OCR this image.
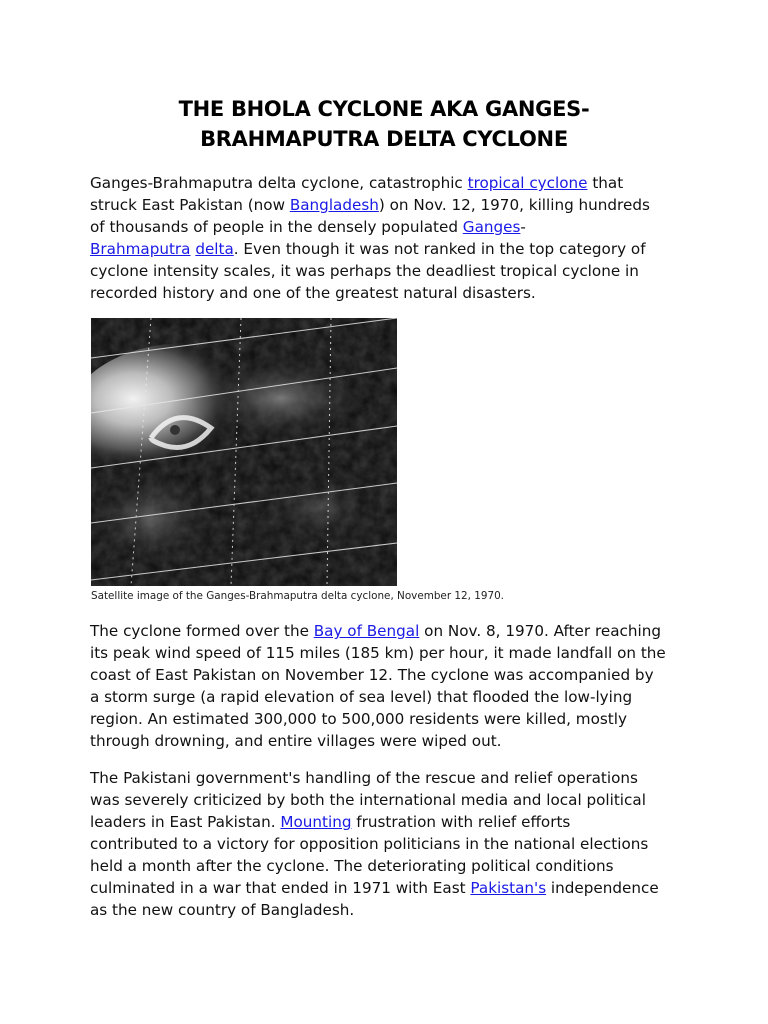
THE BHOLA CYCLONE AKA GANGES-
BRAHMAPUTRA DELTA CYCLONE

Ganges-Brahmaputra delta cyclone, catastrophic tropical cyclone that
struck East Pakistan (now Bangladesh) on Nov. 12, 1970, killing hundreds
of thousands of people in the densely populated Ganges-
Brahmaputra delta. Even though it was not ranked in the top category of
cyclone intensity scales, it was perhaps the deadliest tropical cyclone in
recorded history and one of the greatest natural disasters.

Satellite image of the Ganges-Brahmaputra delta cyclone, November 12, 1970.

The cyclone formed over the Bay of Bengal on Nov. 8, 1970. After reaching
its peak wind speed of 115 miles (185 km) per hour, it made landfall on the
coast of East Pakistan on November 12. The cyclone was accompanied by
a storm surge (a rapid elevation of sea level) that flooded the low-lying
region. An estimated 300,000 to 500,000 residents were killed, mostly
through drowning, and entire villages were wiped out.

The Pakistani government's handling of the rescue and relief operations
was severely criticized by both the international media and local political
leaders in East Pakistan. Mounting frustration with relief efforts
contributed to a victory for opposition politicians in the national elections
held a month after the cyclone. The deteriorating political conditions
culminated in a war that ended in 1971 with East Pakistan's independence
as the new country of Bangladesh.
